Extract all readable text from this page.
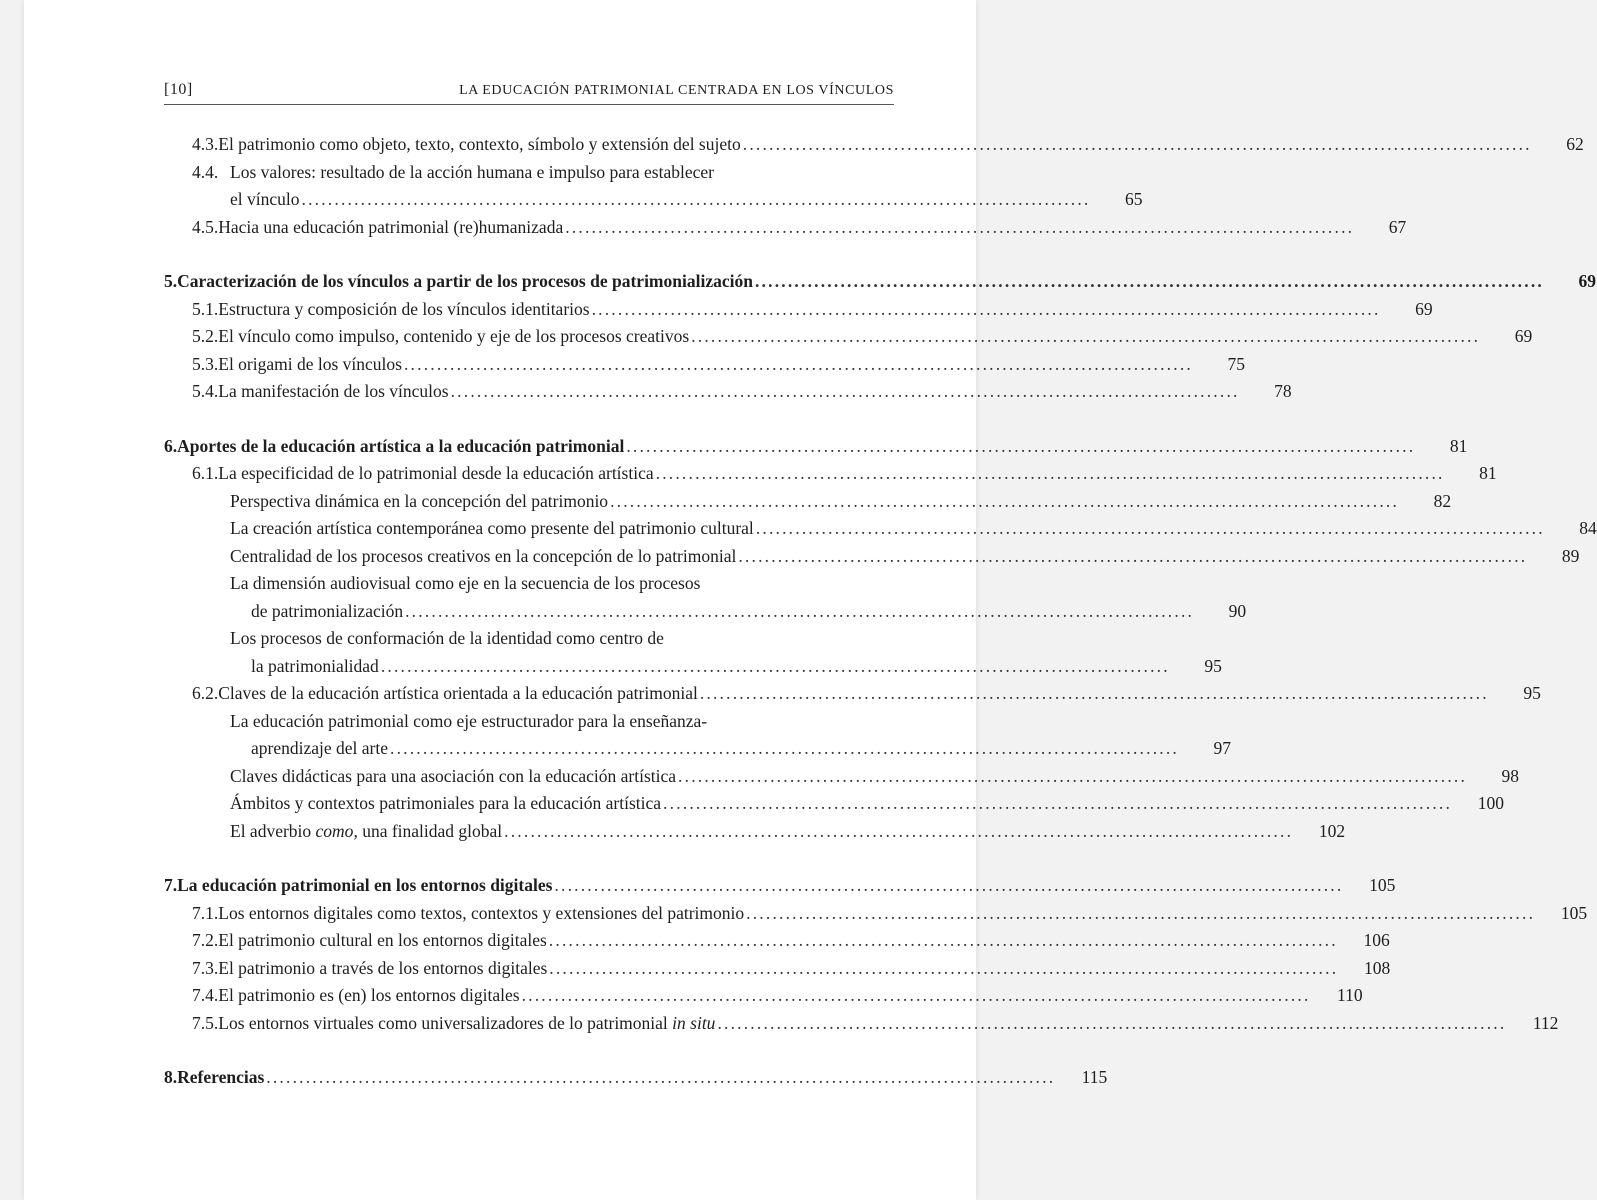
[10]	LA EDUCACIÓN PATRIMONIAL CENTRADA EN LOS VÍNCULOS
4.3. El patrimonio como objeto, texto, contexto, símbolo y extensión del sujeto ........................................................................................................................	62
4.4. Los valores: resultado de la acción humana e impulso para establecer
el vínculo ........................................................................................................................	65
4.5. Hacia una educación patrimonial (re)humanizada ........................................................................................................................	67
5. Caracterización de los vínculos a partir de los procesos de patrimonialización ........................................................................................................................	69
5.1. Estructura y composición de los vínculos identitarios ........................................................................................................................	69
5.2. El vínculo como impulso, contenido y eje de los procesos creativos ........................................................................................................................	69
5.3. El origami de los vínculos ........................................................................................................................	75
5.4. La manifestación de los vínculos ........................................................................................................................	78
6. Aportes de la educación artística a la educación patrimonial ........................................................................................................................	81
6.1. La especificidad de lo patrimonial desde la educación artística ........................................................................................................................	81
Perspectiva dinámica en la concepción del patrimonio ........................................................................................................................	82
La creación artística contemporánea como presente del patrimonio cultural ........................................................................................................................	84
Centralidad de los procesos creativos en la concepción de lo patrimonial ........................................................................................................................	89
La dimensión audiovisual como eje en la secuencia de los procesos
de patrimonialización ........................................................................................................................	90
Los procesos de conformación de la identidad como centro de
la patrimonialidad ........................................................................................................................	95
6.2. Claves de la educación artística orientada a la educación patrimonial ........................................................................................................................	95
La educación patrimonial como eje estructurador para la enseñanza-
aprendizaje del arte ........................................................................................................................	97
Claves didácticas para una asociación con la educación artística ........................................................................................................................	98
Ámbitos y contextos patrimoniales para la educación artística ........................................................................................................................	100
El adverbio como, una finalidad global ........................................................................................................................	102
7. La educación patrimonial en los entornos digitales ........................................................................................................................	105
7.1. Los entornos digitales como textos, contextos y extensiones del patrimonio ........................................................................................................................	105
7.2. El patrimonio cultural en los entornos digitales ........................................................................................................................	106
7.3. El patrimonio a través de los entornos digitales ........................................................................................................................	108
7.4. El patrimonio es (en) los entornos digitales ........................................................................................................................	110
7.5. Los entornos virtuales como universalizadores de lo patrimonial in situ ........................................................................................................................	112
8. Referencias ........................................................................................................................	115
